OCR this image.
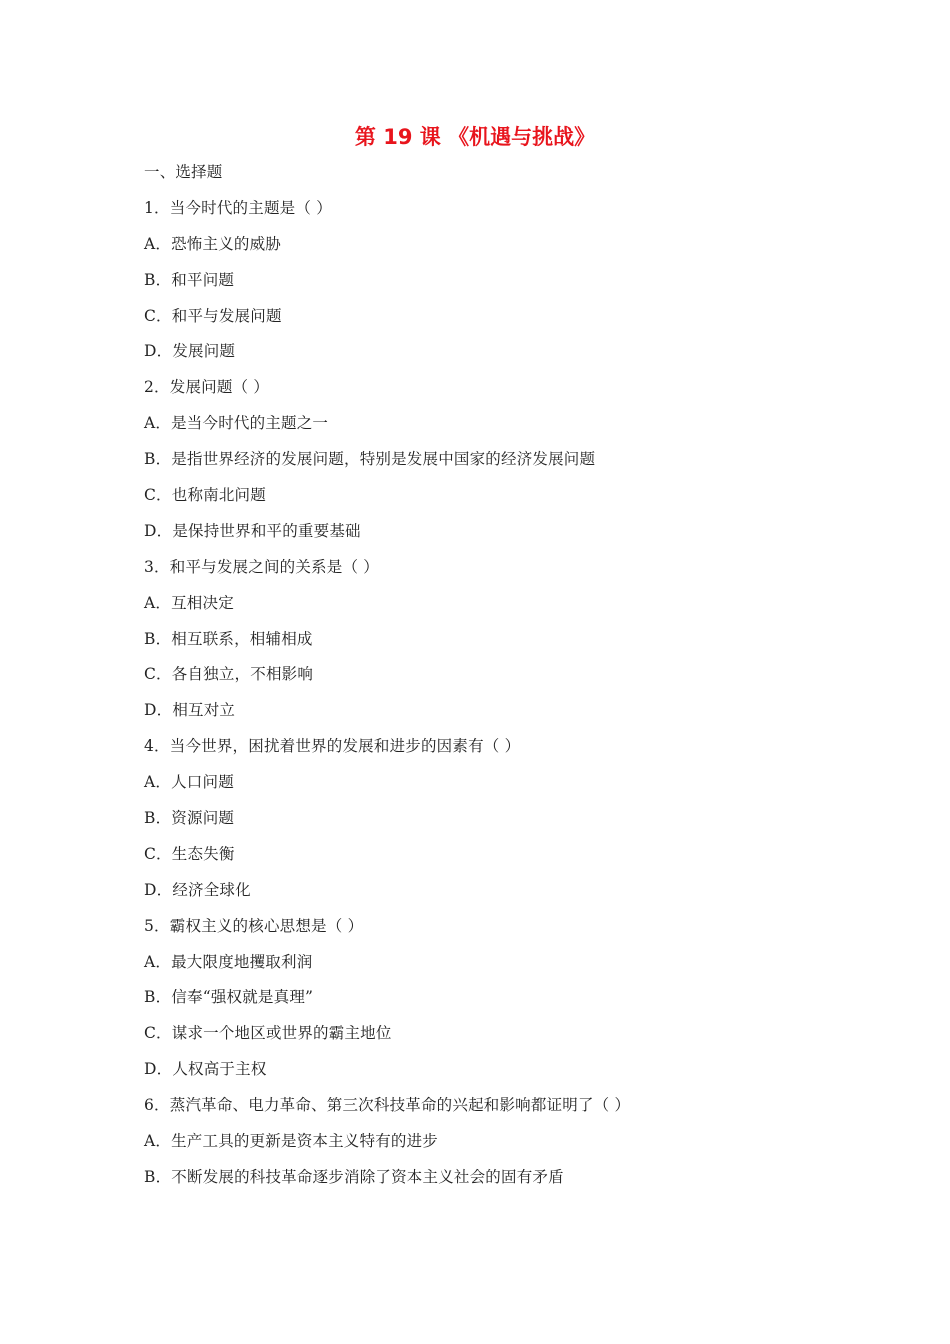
第 19 课 《机遇与挑战》
一、选择题
1．当今时代的主题是（ ）
A．恐怖主义的威胁
B．和平问题
C．和平与发展问题
D．发展问题
2．发展问题（ ）
A．是当今时代的主题之一
B．是指世界经济的发展问题，特别是发展中国家的经济发展问题
C．也称南北问题
D．是保持世界和平的重要基础
3．和平与发展之间的关系是（ ）
A．互相决定
B．相互联系，相辅相成
C．各自独立，不相影响
D．相互对立
4．当今世界，困扰着世界的发展和进步的因素有（ ）
A．人口问题
B．资源问题
C．生态失衡
D．经济全球化
5．霸权主义的核心思想是（ ）
A．最大限度地攫取利润
B．信奉“强权就是真理”
C．谋求一个地区或世界的霸主地位
D．人权高于主权
6．蒸汽革命、电力革命、第三次科技革命的兴起和影响都证明了（ ）
A．生产工具的更新是资本主义特有的进步
B．不断发展的科技革命逐步消除了资本主义社会的固有矛盾
